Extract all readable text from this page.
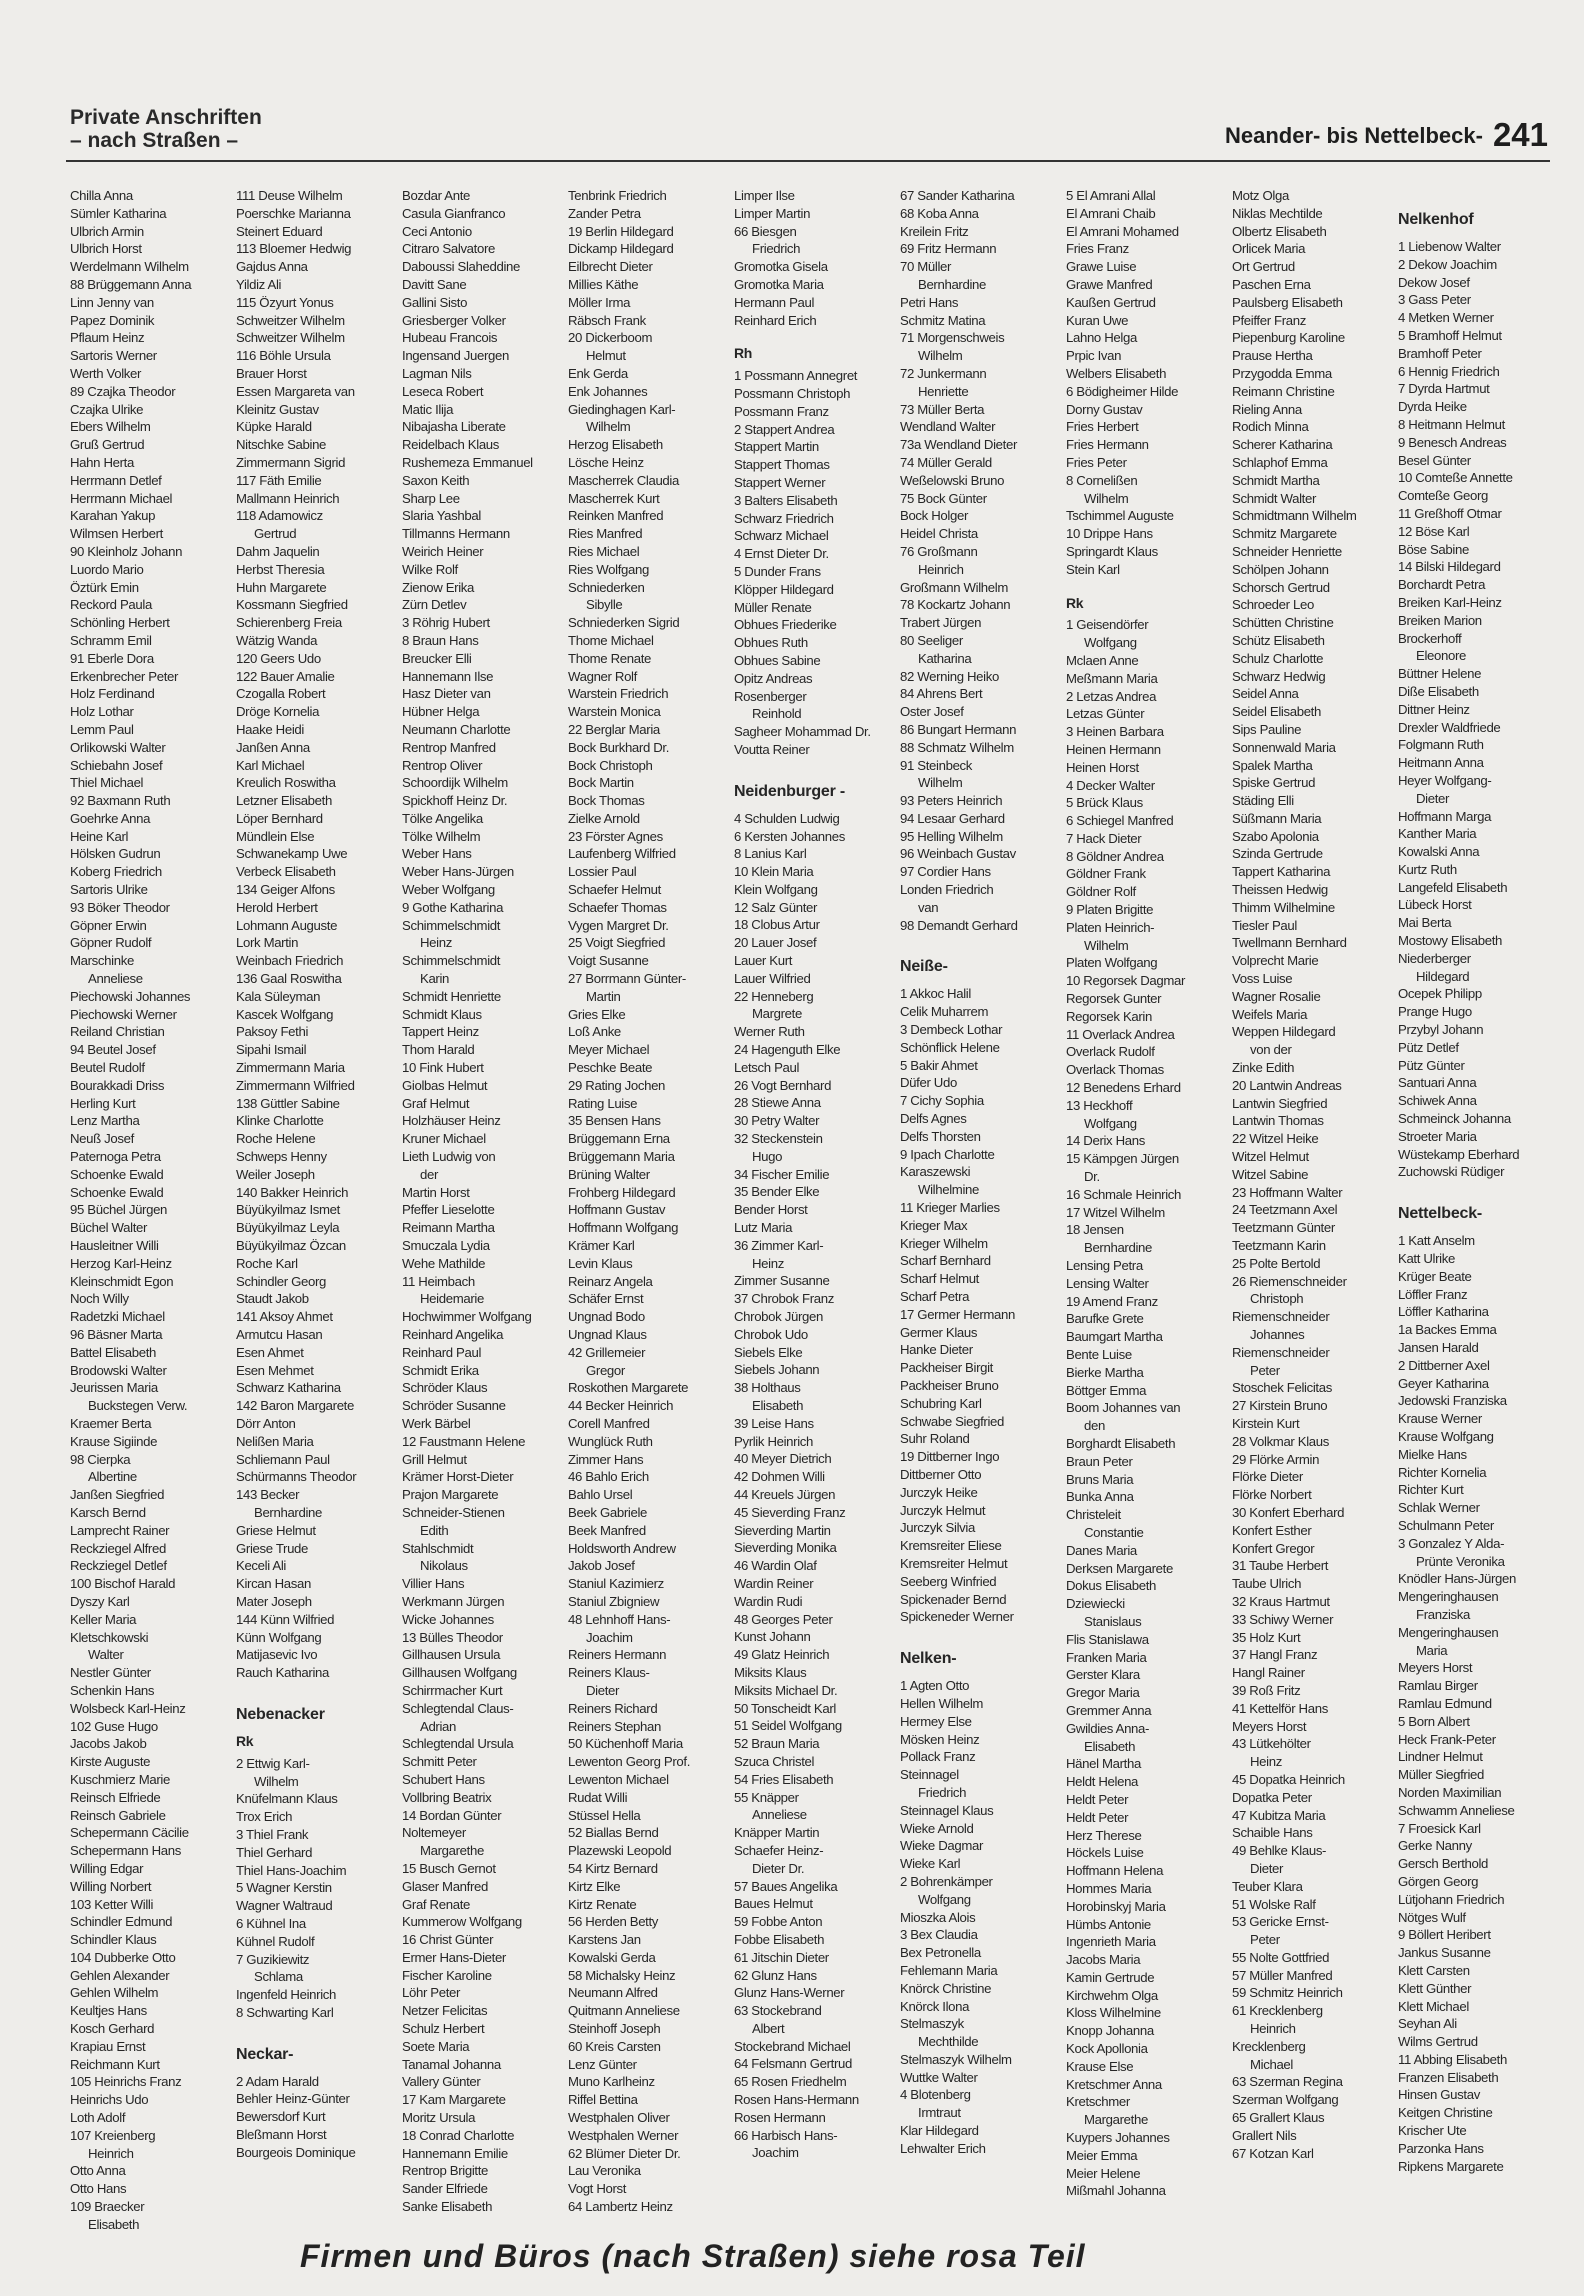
Private Anschriften
– nach Straßen –	Neander- bis Nettelbeck- 241
Chilla Anna
Sümler Katharina
Ulbrich Armin
Ulbrich Horst
Werdelmann Wilhelm
88 Brüggemann Anna
Linn Jenny van
Papez Dominik
Pflaum Heinz
Sartoris Werner
Werth Volker
89 Czajka Theodor
Czajka Ulrike
Ebers Wilhelm
Gruß Gertrud
Hahn Herta
Herrmann Detlef
Herrmann Michael
Karahan Yakup
Wilmsen Herbert
90 Kleinholz Johann
Luordo Mario
Öztürk Emin
Reckord Paula
Schönling Herbert
Schramm Emil
91 Eberle Dora
Erkenbrecher Peter
Holz Ferdinand
Holz Lothar
Lemm Paul
Orlikowski Walter
Schiebahn Josef
Thiel Michael
92 Baxmann Ruth
Goehrke Anna
Heine Karl
Hölsken Gudrun
Koberg Friedrich
Sartoris Ulrike
93 Böker Theodor
Göpner Erwin
Göpner Rudolf
Marschinke
Anneliese
Piechowski Johannes
Piechowski Werner
Reiland Christian
94 Beutel Josef
Beutel Rudolf
Bourakkadi Driss
Herling Kurt
Lenz Martha
Neuß Josef
Paternoga Petra
Schoenke Ewald
Schoenke Ewald
95 Büchel Jürgen
Büchel Walter
Hausleitner Willi
Herzog Karl-Heinz
Kleinschmidt Egon
Noch Willy
Radetzki Michael
96 Bäsner Marta
Battel Elisabeth
Brodowski Walter
Jeurissen Maria
Buckstegen Verw.
Kraemer Berta
Krause Sigiinde
98 Cierpka
Albertine
Janßen Siegfried
Karsch Bernd
Lamprecht Rainer
Reckziegel Alfred
Reckziegel Detlef
100 Bischof Harald
Dyszy Karl
Keller Maria
Kletschkowski
Walter
Nestler Günter
Schenkin Hans
Wolsbeck Karl-Heinz
102 Guse Hugo
Jacobs Jakob
Kirste Auguste
Kuschmierz Marie
Reinsch Elfriede
Reinsch Gabriele
Schepermann Cäcilie
Schepermann Hans
Willing Edgar
Willing Norbert
103 Ketter Willi
Schindler Edmund
Schindler Klaus
104 Dubberke Otto
Gehlen Alexander
Gehlen Wilhelm
Keultjes Hans
Kosch Gerhard
Krapiau Ernst
Reichmann Kurt
105 Heinrichs Franz
Heinrichs Udo
Loth Adolf
107 Kreienberg
Heinrich
Otto Anna
Otto Hans
109 Braecker
Elisabeth
111 Deuse Wilhelm
Poerschke Marianna
Steinert Eduard
113 Bloemer Hedwig
Gajdus Anna
Yildiz Ali
115 Özyurt Yonus
Schweitzer Wilhelm
Schweitzer Wilhelm
116 Böhle Ursula
Brauer Horst
Essen Margareta van
Kleinitz Gustav
Küpke Harald
Nitschke Sabine
Zimmermann Sigrid
117 Fäth Emilie
Mallmann Heinrich
118 Adamowicz
Gertrud
Dahm Jaquelin
Herbst Theresia
Huhn Margarete
Kossmann Siegfried
Schierenberg Freia
Wätzig Wanda
120 Geers Udo
122 Bauer Amalie
Czogalla Robert
Dröge Kornelia
Haake Heidi
Janßen Anna
Karl Michael
Kreulich Roswitha
Letzner Elisabeth
Löper Bernhard
Mündlein Else
Schwanekamp Uwe
Verbeck Elisabeth
134 Geiger Alfons
Herold Herbert
Lohmann Auguste
Lork Martin
Weinbach Friedrich
136 Gaal Roswitha
Kala Süleyman
Kascek Wolfgang
Paksoy Fethi
Sipahi Ismail
Zimmermann Maria
Zimmermann Wilfried
138 Güttler Sabine
Klinke Charlotte
Roche Helene
Schweps Henny
Weiler Joseph
140 Bakker Heinrich
Büyükyilmaz Ismet
Büyükyilmaz Leyla
Büyükyilmaz Özcan
Roche Karl
Schindler Georg
Staudt Jakob
141 Aksoy Ahmet
Armutcu Hasan
Esen Ahmet
Esen Mehmet
Schwarz Katharina
142 Baron Margarete
Dörr Anton
Nelißen Maria
Schliemann Paul
Schürmanns Theodor
143 Becker
Bernhardine
Griese Helmut
Griese Trude
Keceli Ali
Kircan Hasan
Mater Joseph
144 Künn Wilfried
Künn Wolfgang
Matijasevic Ivo
Rauch Katharina
Nebenacker
Rk
2 Ettwig Karl-
Wilhelm
Knüfelmann Klaus
Trox Erich
3 Thiel Frank
Thiel Gerhard
Thiel Hans-Joachim
5 Wagner Kerstin
Wagner Waltraud
6 Kühnel Ina
Kühnel Rudolf
7 Guzikiewitz
Schlama
Ingenfeld Heinrich
8 Schwarting Karl
Neckar-
2 Adam Harald
Behler Heinz-Günter
Bewersdorf Kurt
Bleßmann Horst
Bourgeois Dominique
Bozdar Ante
Casula Gianfranco
Ceci Antonio
Citraro Salvatore
Daboussi Slaheddine
Davitt Sane
Gallini Sisto
Griesberger Volker
Hubeau Francois
Ingensand Juergen
Lagman Nils
Leseca Robert
Matic Ilija
Nibajasha Liberate
Reidelbach Klaus
Rushemeza Emmanuel
Saxon Keith
Sharp Lee
Slaria Yashbal
Tillmanns Hermann
Weirich Heiner
Wilke Rolf
Zienow Erika
Zürn Detlev
3 Röhrig Hubert
8 Braun Hans
Breucker Elli
Hannemann Ilse
Hasz Dieter van
Hübner Helga
Neumann Charlotte
Rentrop Manfred
Rentrop Oliver
Schoordijk Wilhelm
Spickhoff Heinz Dr.
Tölke Angelika
Tölke Wilhelm
Weber Hans
Weber Hans-Jürgen
Weber Wolfgang
9 Gothe Katharina
Schimmelschmidt
Heinz
Schimmelschmidt
Karin
Schmidt Henriette
Schmidt Klaus
Tappert Heinz
Thom Harald
10 Fink Hubert
Giolbas Helmut
Graf Helmut
Holzhäuser Heinz
Kruner Michael
Lieth Ludwig von
der
Martin Horst
Pfeffer Lieselotte
Reimann Martha
Smuczala Lydia
Wehe Mathilde
11 Heimbach
Heidemarie
Hochwimmer Wolfgang
Reinhard Angelika
Reinhard Paul
Schmidt Erika
Schröder Klaus
Schröder Susanne
Werk Bärbel
12 Faustmann Helene
Grill Helmut
Krämer Horst-Dieter
Prajon Margarete
Schneider-Stienen
Edith
Stahlschmidt
Nikolaus
Villier Hans
Werkmann Jürgen
Wicke Johannes
13 Bülles Theodor
Gillhausen Ursula
Gillhausen Wolfgang
Schirrmacher Kurt
Schlegtendal Claus-
Adrian
Schlegtendal Ursula
Schmitt Peter
Schubert Hans
Vollbring Beatrix
14 Bordan Günter
Noltemeyer
Margarethe
15 Busch Gernot
Glaser Manfred
Graf Renate
Kummerow Wolfgang
16 Christ Günter
Ermer Hans-Dieter
Fischer Karoline
Löhr Peter
Netzer Felicitas
Schulz Herbert
Soete Maria
Tanamal Johanna
Vallery Günter
17 Kam Margarete
Moritz Ursula
18 Conrad Charlotte
Hannemann Emilie
Rentrop Brigitte
Sander Elfriede
Sanke Elisabeth
Tenbrink Friedrich
Zander Petra
19 Berlin Hildegard
Dickamp Hildegard
Eilbrecht Dieter
Millies Käthe
Möller Irma
Räbsch Frank
20 Dickerboom
Helmut
Enk Gerda
Enk Johannes
Giedinghagen Karl-
Wilhelm
Herzog Elisabeth
Lösche Heinz
Mascherrek Claudia
Mascherrek Kurt
Reinken Manfred
Ries Manfred
Ries Michael
Ries Wolfgang
Schniederken
Sibylle
Schniederken Sigrid
Thome Michael
Thome Renate
Wagner Rolf
Warstein Friedrich
Warstein Monica
22 Berglar Maria
Bock Burkhard Dr.
Bock Christoph
Bock Martin
Bock Thomas
Zielke Arnold
23 Förster Agnes
Laufenberg Wilfried
Lossier Paul
Schaefer Helmut
Schaefer Thomas
Vygen Margret Dr.
25 Voigt Siegfried
Voigt Susanne
27 Borrmann Günter-
Martin
Gries Elke
Loß Anke
Meyer Michael
Peschke Beate
29 Rating Jochen
Rating Luise
35 Bensen Hans
Brüggemann Erna
Brüggemann Maria
Brüning Walter
Frohberg Hildegard
Hoffmann Gustav
Hoffmann Wolfgang
Krämer Karl
Levin Klaus
Reinarz Angela
Schäfer Ernst
Ungnad Bodo
Ungnad Klaus
42 Grillemeier
Gregor
Roskothen Margarete
44 Becker Heinrich
Corell Manfred
Wunglück Ruth
Zimmer Hans
46 Bahlo Erich
Bahlo Ursel
Beek Gabriele
Beek Manfred
Holdsworth Andrew
Jakob Josef
Staniul Kazimierz
Staniul Zbigniew
48 Lehnhoff Hans-
Joachim
Reiners Hermann
Reiners Klaus-
Dieter
Reiners Richard
Reiners Stephan
50 Küchenhoff Maria
Lewenton Georg Prof.
Lewenton Michael
Rudat Willi
Stüssel Hella
52 Biallas Bernd
Plazewski Leopold
54 Kirtz Bernard
Kirtz Elke
Kirtz Renate
56 Herden Betty
Karstens Jan
Kowalski Gerda
58 Michalsky Heinz
Neumann Alfred
Quitmann Anneliese
Steinhoff Joseph
60 Kreis Carsten
Lenz Günter
Muno Karlheinz
Riffel Bettina
Westphalen Oliver
Westphalen Werner
62 Blümer Dieter Dr.
Lau Veronika
Vogt Horst
64 Lambertz Heinz
Limper Ilse
Limper Martin
66 Biesgen
Friedrich
Gromotka Gisela
Gromotka Maria
Hermann Paul
Reinhard Erich
Rh
1 Possmann Annegret
Possmann Christoph
Possmann Franz
2 Stappert Andrea
Stappert Martin
Stappert Thomas
Stappert Werner
3 Balters Elisabeth
Schwarz Friedrich
Schwarz Michael
4 Ernst Dieter Dr.
5 Dunder Frans
Klöpper Hildegard
Müller Renate
Obhues Friederike
Obhues Ruth
Obhues Sabine
Opitz Andreas
Rosenberger
Reinhold
Sagheer Mohammad Dr.
Voutta Reiner
Neidenburger -
4 Schulden Ludwig
6 Kersten Johannes
8 Lanius Karl
10 Klein Maria
Klein Wolfgang
12 Salz Günter
18 Clobus Artur
20 Lauer Josef
Lauer Kurt
Lauer Wilfried
22 Henneberg
Margrete
Werner Ruth
24 Hagenguth Elke
Letsch Paul
26 Vogt Bernhard
28 Stiewe Anna
30 Petry Walter
32 Steckenstein
Hugo
34 Fischer Emilie
35 Bender Elke
Bender Horst
Lutz Maria
36 Zimmer Karl-
Heinz
Zimmer Susanne
37 Chrobok Franz
Chrobok Jürgen
Chrobok Udo
Siebels Elke
Siebels Johann
38 Holthaus
Elisabeth
39 Leise Hans
Pyrlik Heinrich
40 Meyer Dietrich
42 Dohmen Willi
44 Kreuels Jürgen
45 Sieverding Franz
Sieverding Martin
Sieverding Monika
46 Wardin Olaf
Wardin Reiner
Wardin Rudi
48 Georges Peter
Kunst Johann
49 Glatz Heinrich
Miksits Klaus
Miksits Michael Dr.
50 Tonscheidt Karl
51 Seidel Wolfgang
52 Braun Maria
Szuca Christel
54 Fries Elisabeth
55 Knäpper
Anneliese
Knäpper Martin
Schaefer Heinz-
Dieter Dr.
57 Baues Angelika
Baues Helmut
59 Fobbe Anton
Fobbe Elisabeth
61 Jitschin Dieter
62 Glunz Hans
Glunz Hans-Werner
63 Stockebrand
Albert
Stockebrand Michael
64 Felsmann Gertrud
65 Rosen Friedhelm
Rosen Hans-Hermann
Rosen Hermann
66 Harbisch Hans-
Joachim
67 Sander Katharina
68 Koba Anna
Kreilein Fritz
69 Fritz Hermann
70 Müller
Bernhardine
Petri Hans
Schmitz Matina
71 Morgenschweis
Wilhelm
72 Junkermann
Henriette
73 Müller Berta
Wendland Walter
73a Wendland Dieter
74 Müller Gerald
Weßelowski Bruno
75 Bock Günter
Bock Holger
Heidel Christa
76 Großmann
Heinrich
Großmann Wilhelm
78 Kockartz Johann
Trabert Jürgen
80 Seeliger
Katharina
82 Werning Heiko
84 Ahrens Bert
Oster Josef
86 Bungart Hermann
88 Schmatz Wilhelm
91 Steinbeck
Wilhelm
93 Peters Heinrich
94 Lesaar Gerhard
95 Helling Wilhelm
96 Weinbach Gustav
97 Cordier Hans
Londen Friedrich
van
98 Demandt Gerhard
Neiße-
1 Akkoc Halil
Celik Muharrem
3 Dembeck Lothar
Schönflick Helene
5 Bakir Ahmet
Düfer Udo
7 Cichy Sophia
Delfs Agnes
Delfs Thorsten
9 Ipach Charlotte
Karaszewski
Wilhelmine
11 Krieger Marlies
Krieger Max
Krieger Wilhelm
Scharf Bernhard
Scharf Helmut
Scharf Petra
17 Germer Hermann
Germer Klaus
Hanke Dieter
Packheiser Birgit
Packheiser Bruno
Schubring Karl
Schwabe Siegfried
Suhr Roland
19 Dittberner Ingo
Dittberner Otto
Jurczyk Heike
Jurczyk Helmut
Jurczyk Silvia
Kremsreiter Eliese
Kremsreiter Helmut
Seeberg Winfried
Spickenader Bernd
Spickeneder Werner
Nelken-
1 Agten Otto
Hellen Wilhelm
Hermey Else
Mösken Heinz
Pollack Franz
Steinnagel
Friedrich
Steinnagel Klaus
Wieke Arnold
Wieke Dagmar
Wieke Karl
2 Bohrenkämper
Wolfgang
Mioszka Alois
3 Bex Claudia
Bex Petronella
Fehlemann Maria
Knörck Christine
Knörck Ilona
Stelmaszyk
Mechthilde
Stelmaszyk Wilhelm
Wuttke Walter
4 Blotenberg
Irmtraut
Klar Hildegard
Lehwalter Erich
5 El Amrani Allal
El Amrani Chaib
El Amrani Mohamed
Fries Franz
Grawe Luise
Grawe Manfred
Kaußen Gertrud
Kuran Uwe
Lahno Helga
Prpic Ivan
Welbers Elisabeth
6 Bödigheimer Hilde
Dorny Gustav
Fries Herbert
Fries Hermann
Fries Peter
8 Cornelißen
Wilhelm
Tschimmel Auguste
10 Drippe Hans
Springardt Klaus
Stein Karl
Rk
1 Geisendörfer
Wolfgang
Mclaen Anne
Meßmann Maria
2 Letzas Andrea
Letzas Günter
3 Heinen Barbara
Heinen Hermann
Heinen Horst
4 Decker Walter
5 Brück Klaus
6 Schiegel Manfred
7 Hack Dieter
8 Göldner Andrea
Göldner Frank
Göldner Rolf
9 Platen Brigitte
Platen Heinrich-
Wilhelm
Platen Wolfgang
10 Regorsek Dagmar
Regorsek Gunter
Regorsek Karin
11 Overlack Andrea
Overlack Rudolf
Overlack Thomas
12 Benedens Erhard
13 Heckhoff
Wolfgang
14 Derix Hans
15 Kämpgen Jürgen
Dr.
16 Schmale Heinrich
17 Witzel Wilhelm
18 Jensen
Bernhardine
Lensing Petra
Lensing Walter
19 Amend Franz
Barufke Grete
Baumgart Martha
Bente Luise
Bierke Martha
Böttger Emma
Boom Johannes van
den
Borghardt Elisabeth
Braun Peter
Bruns Maria
Bunka Anna
Christeleit
Constantie
Danes Maria
Derksen Margarete
Dokus Elisabeth
Dziewiecki
Stanislaus
Flis Stanislawa
Franken Maria
Gerster Klara
Gregor Maria
Gremmer Anna
Gwildies Anna-
Elisabeth
Hänel Martha
Heldt Helena
Heldt Peter
Heldt Peter
Herz Therese
Höckels Luise
Hoffmann Helena
Hommes Maria
Horobinskyj Maria
Hümbs Antonie
Ingenrieth Maria
Jacobs Maria
Kamin Gertrude
Kirchwehm Olga
Kloss Wilhelmine
Knopp Johanna
Kock Apollonia
Krause Else
Kretschmer Anna
Kretschmer
Margarethe
Kuypers Johannes
Meier Emma
Meier Helene
Mißmahl Johanna
Motz Olga
Niklas Mechtilde
Olbertz Elisabeth
Orlicek Maria
Ort Gertrud
Paschen Erna
Paulsberg Elisabeth
Pfeiffer Franz
Piepenburg Karoline
Prause Hertha
Przygodda Emma
Reimann Christine
Rieling Anna
Rodich Minna
Scherer Katharina
Schlaphof Emma
Schmidt Martha
Schmidt Walter
Schmidtmann Wilhelm
Schmitz Margarete
Schneider Henriette
Schölpen Johann
Schorsch Gertrud
Schroeder Leo
Schütten Christine
Schütz Elisabeth
Schulz Charlotte
Schwarz Hedwig
Seidel Anna
Seidel Elisabeth
Sips Pauline
Sonnenwald Maria
Spalek Martha
Spiske Gertrud
Städing Elli
Süßmann Maria
Szabo Apolonia
Szinda Gertrude
Tappert Katharina
Theissen Hedwig
Thimm Wilhelmine
Tiesler Paul
Twellmann Bernhard
Volprecht Marie
Voss Luise
Wagner Rosalie
Weifels Maria
Weppen Hildegard
von der
Zinke Edith
20 Lantwin Andreas
Lantwin Siegfried
Lantwin Thomas
22 Witzel Heike
Witzel Helmut
Witzel Sabine
23 Hoffmann Walter
24 Teetzmann Axel
Teetzmann Günter
Teetzmann Karin
25 Polte Bertold
26 Riemenschneider
Christoph
Riemenschneider
Johannes
Riemenschneider
Peter
Stoschek Felicitas
27 Kirstein Bruno
Kirstein Kurt
28 Volkmar Klaus
29 Flörke Armin
Flörke Dieter
Flörke Norbert
30 Konfert Eberhard
Konfert Esther
Konfert Gregor
31 Taube Herbert
Taube Ulrich
32 Kraus Hartmut
33 Schiwy Werner
35 Holz Kurt
37 Hangl Franz
Hangl Rainer
39 Roß Fritz
41 Kettelför Hans
Meyers Horst
43 Lütkehölter
Heinz
45 Dopatka Heinrich
Dopatka Peter
47 Kubitza Maria
Schaible Hans
49 Behlke Klaus-
Dieter
Teuber Klara
51 Wolske Ralf
53 Gericke Ernst-
Peter
55 Nolte Gottfried
57 Müller Manfred
59 Schmitz Heinrich
61 Krecklenberg
Heinrich
Krecklenberg
Michael
63 Szerman Regina
Szerman Wolfgang
65 Grallert Klaus
Grallert Nils
67 Kotzan Karl
Nelkenhof
1 Liebenow Walter
2 Dekow Joachim
Dekow Josef
3 Gass Peter
4 Metken Werner
5 Bramhoff Helmut
Bramhoff Peter
6 Hennig Friedrich
7 Dyrda Hartmut
Dyrda Heike
8 Heitmann Helmut
9 Benesch Andreas
Besel Günter
10 Comteße Annette
Comteße Georg
11 Greßhoff Otmar
12 Böse Karl
Böse Sabine
14 Bilski Hildegard
Borchardt Petra
Breiken Karl-Heinz
Breiken Marion
Brockerhoff
Eleonore
Büttner Helene
Diße Elisabeth
Dittner Heinz
Drexler Waldfriede
Folgmann Ruth
Heitmann Anna
Heyer Wolfgang-
Dieter
Hoffmann Marga
Kanther Maria
Kowalski Anna
Kurtz Ruth
Langefeld Elisabeth
Lübeck Horst
Mai Berta
Mostowy Elisabeth
Niederberger
Hildegard
Ocepek Philipp
Prange Hugo
Przybyl Johann
Pütz Detlef
Pütz Günter
Santuari Anna
Schiwek Anna
Schmeinck Johanna
Stroeter Maria
Wüstekamp Eberhard
Zuchowski Rüdiger
Nettelbeck-
1 Katt Anselm
Katt Ulrike
Krüger Beate
Löffler Franz
Löffler Katharina
1a Backes Emma
Jansen Harald
2 Dittberner Axel
Geyer Katharina
Jedowski Franziska
Krause Werner
Krause Wolfgang
Mielke Hans
Richter Kornelia
Richter Kurt
Schlak Werner
Schulmann Peter
3 Gonzalez Y Alda-
Prünte Veronika
Knödler Hans-Jürgen
Mengeringhausen
Franziska
Mengeringhausen
Maria
Meyers Horst
Ramlau Birger
Ramlau Edmund
5 Born Albert
Heck Frank-Peter
Lindner Helmut
Müller Siegfried
Norden Maximilian
Schwamm Anneliese
7 Froesick Karl
Gerke Nanny
Gersch Berthold
Görgen Georg
Lütjohann Friedrich
Nötges Wulf
9 Böllert Heribert
Jankus Susanne
Klett Carsten
Klett Günther
Klett Michael
Seyhan Ali
Wilms Gertrud
11 Abbing Elisabeth
Franzen Elisabeth
Hinsen Gustav
Keitgen Christine
Krischer Ute
Parzonka Hans
Ripkens Margarete
Firmen und Büros (nach Straßen) siehe rosa Teil
